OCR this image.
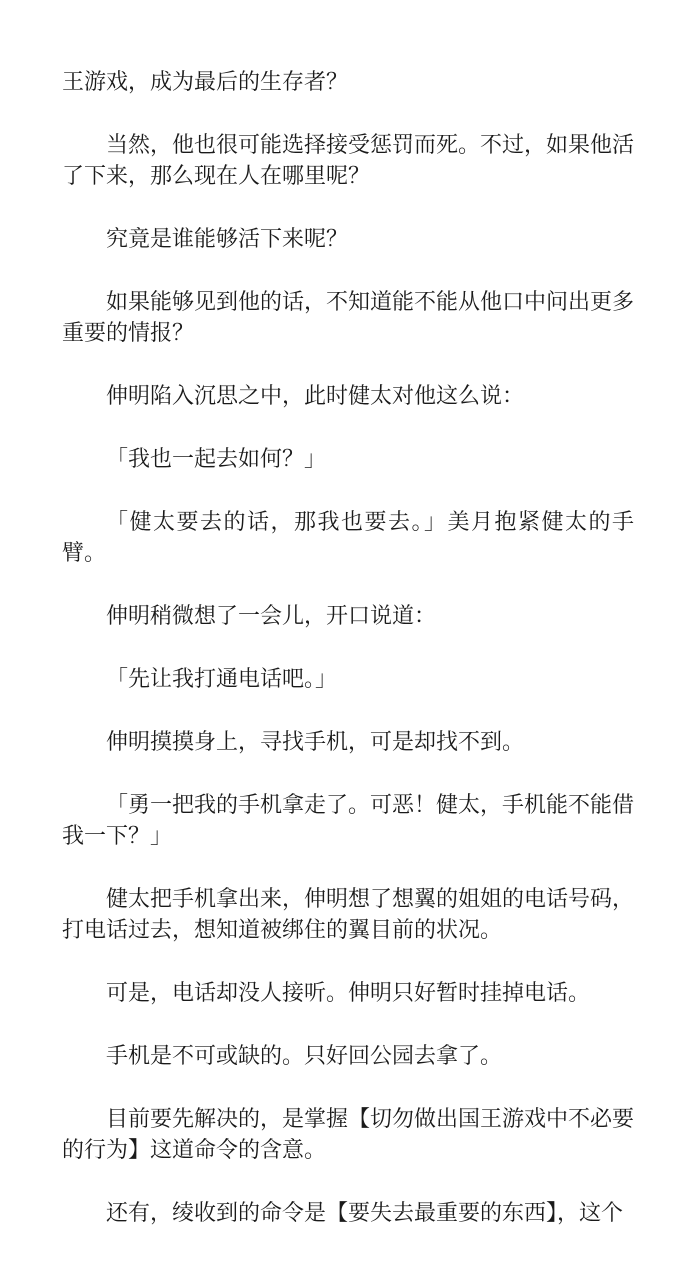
王游戏，成为最后的生存者？

当然，他也很可能选择接受惩罚而死。不过，如果他活了下来，那么现在人在哪里呢？

究竟是谁能够活下来呢？

如果能够见到他的话，不知道能不能从他口中问出更多重要的情报？

伸明陷入沉思之中，此时健太对他这么说：

「我也一起去如何？」

「健太要去的话，那我也要去。」美月抱紧健太的手臂。

伸明稍微想了一会儿，开口说道：

「先让我打通电话吧。」

伸明摸摸身上，寻找手机，可是却找不到。

「勇一把我的手机拿走了。可恶！健太，手机能不能借我一下？」

健太把手机拿出来，伸明想了想翼的姐姐的电话号码，打电话过去，想知道被绑住的翼目前的状况。

可是，电话却没人接听。伸明只好暂时挂掉电话。

手机是不可或缺的。只好回公园去拿了。

目前要先解决的，是掌握【切勿做出国王游戏中不必要的行为】这道命令的含意。

还有，绫收到的命令是【要失去最重要的东西】，这个
